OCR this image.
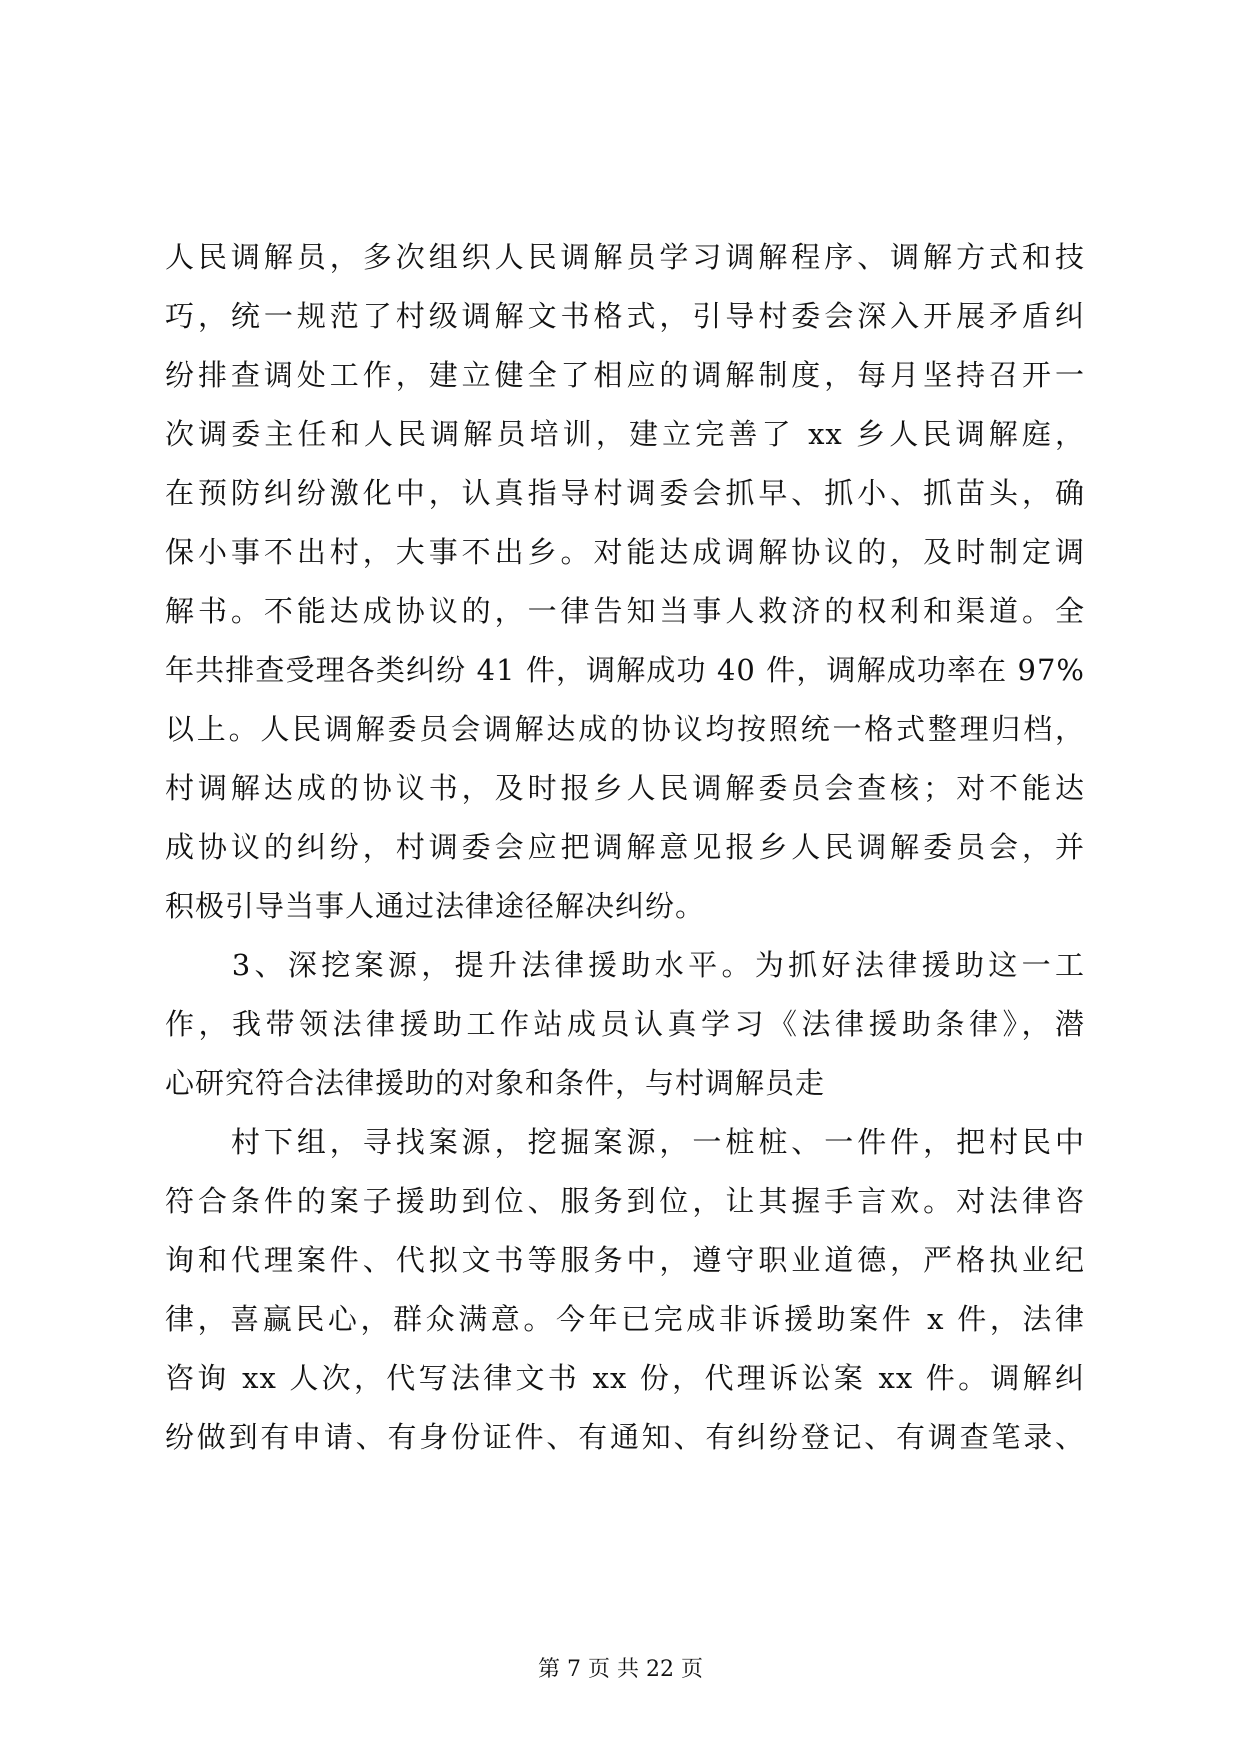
人民调解员，多次组织人民调解员学习调解程序、调解方式和技
巧，统一规范了村级调解文书格式，引导村委会深入开展矛盾纠
纷排查调处工作，建立健全了相应的调解制度，每月坚持召开一
次调委主任和人民调解员培训，建立完善了 xx 乡人民调解庭，
在预防纠纷激化中，认真指导村调委会抓早、抓小、抓苗头，确
保小事不出村，大事不出乡。对能达成调解协议的，及时制定调
解书。不能达成协议的，一律告知当事人救济的权利和渠道。全
年共排查受理各类纠纷 41 件，调解成功 40 件，调解成功率在 97%
以上。人民调解委员会调解达成的协议均按照统一格式整理归档，
村调解达成的协议书，及时报乡人民调解委员会查核；对不能达
成协议的纠纷，村调委会应把调解意见报乡人民调解委员会，并
积极引导当事人通过法律途径解决纠纷。
　　3、深挖案源，提升法律援助水平。为抓好法律援助这一工
作，我带领法律援助工作站成员认真学习《法律援助条律》，潜
心研究符合法律援助的对象和条件，与村调解员走
　　村下组，寻找案源，挖掘案源，一桩桩、一件件，把村民中
符合条件的案子援助到位、服务到位，让其握手言欢。对法律咨
询和代理案件、代拟文书等服务中，遵守职业道德，严格执业纪
律，喜赢民心，群众满意。今年已完成非诉援助案件 x 件，法律
咨询 xx 人次，代写法律文书 xx 份，代理诉讼案 xx 件。调解纠
纷做到有申请、有身份证件、有通知、有纠纷登记、有调查笔录、
第 7 页 共 22 页
